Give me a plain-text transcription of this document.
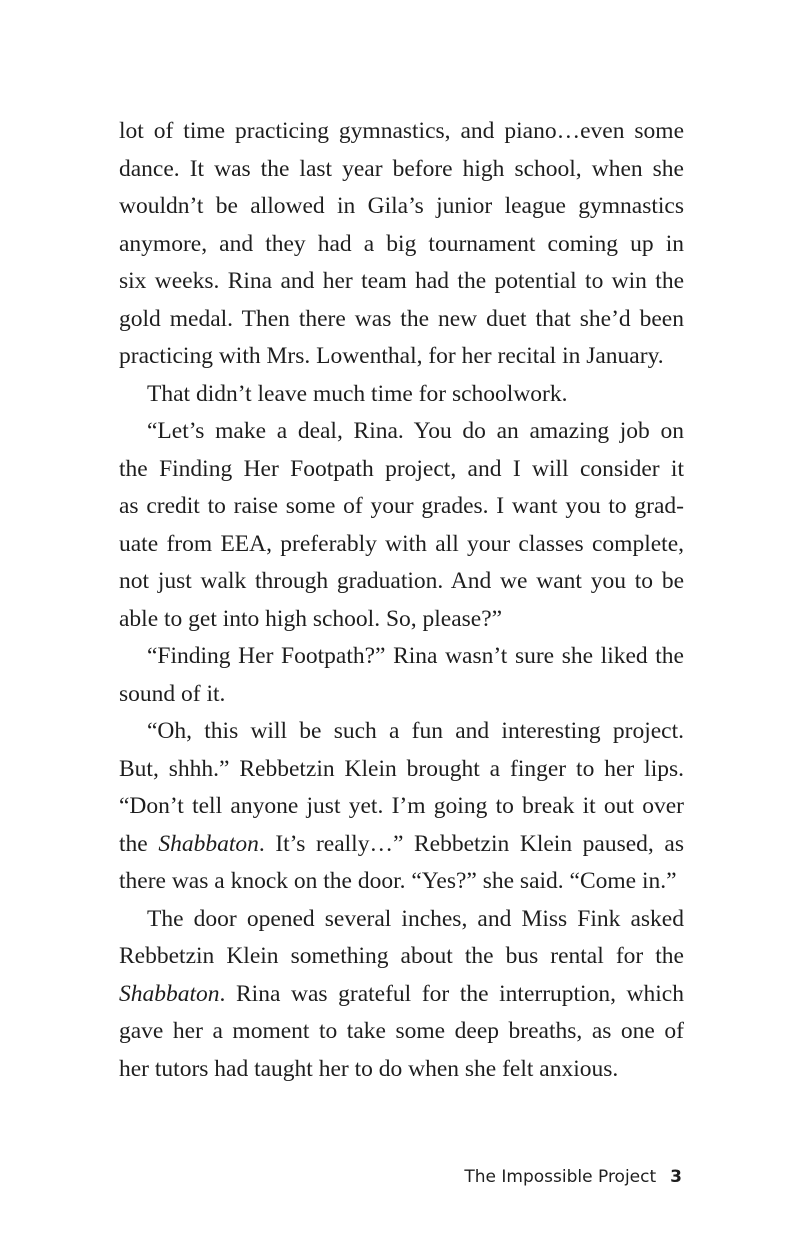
lot of time practicing gymnastics, and piano…even some
dance. It was the last year before high school, when she
wouldn’t be allowed in Gila’s junior league gymnastics
anymore, and they had a big tournament coming up in
six weeks. Rina and her team had the potential to win the
gold medal. Then there was the new duet that she’d been
practicing with Mrs. Lowenthal, for her recital in January.
That didn’t leave much time for schoolwork.
“Let’s make a deal, Rina. You do an amazing job on
the Finding Her Footpath project, and I will consider it
as credit to raise some of your grades. I want you to grad-
uate from EEA, preferably with all your classes complete,
not just walk through graduation. And we want you to be
able to get into high school. So, please?”
“Finding Her Footpath?” Rina wasn’t sure she liked the
sound of it.
“Oh, this will be such a fun and interesting project.
But, shhh.” Rebbetzin Klein brought a finger to her lips.
“Don’t tell anyone just yet. I’m going to break it out over
the Shabbaton. It’s really…” Rebbetzin Klein paused, as
there was a knock on the door. “Yes?” she said. “Come in.”
The door opened several inches, and Miss Fink asked
Rebbetzin Klein something about the bus rental for the
Shabbaton. Rina was grateful for the interruption, which
gave her a moment to take some deep breaths, as one of
her tutors had taught her to do when she felt anxious.
The Impossible Project 3
